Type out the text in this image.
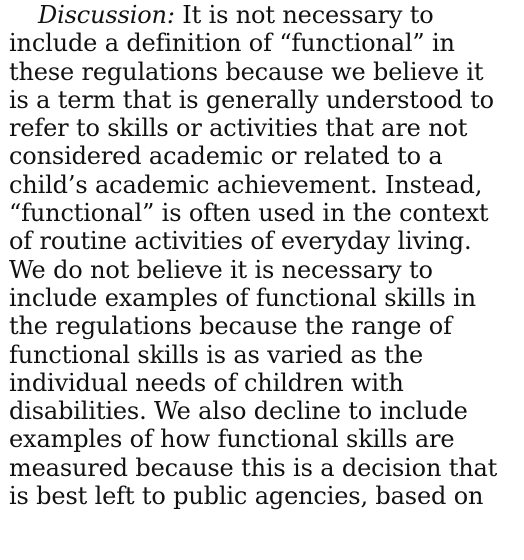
Discussion: It is not necessary to
include a definition of “functional” in
these regulations because we believe it
is a term that is generally understood to
refer to skills or activities that are not
considered academic or related to a
child’s academic achievement. Instead,
“functional” is often used in the context
of routine activities of everyday living.
We do not believe it is necessary to
include examples of functional skills in
the regulations because the range of
functional skills is as varied as the
individual needs of children with
disabilities. We also decline to include
examples of how functional skills are
measured because this is a decision that
is best left to public agencies, based on
